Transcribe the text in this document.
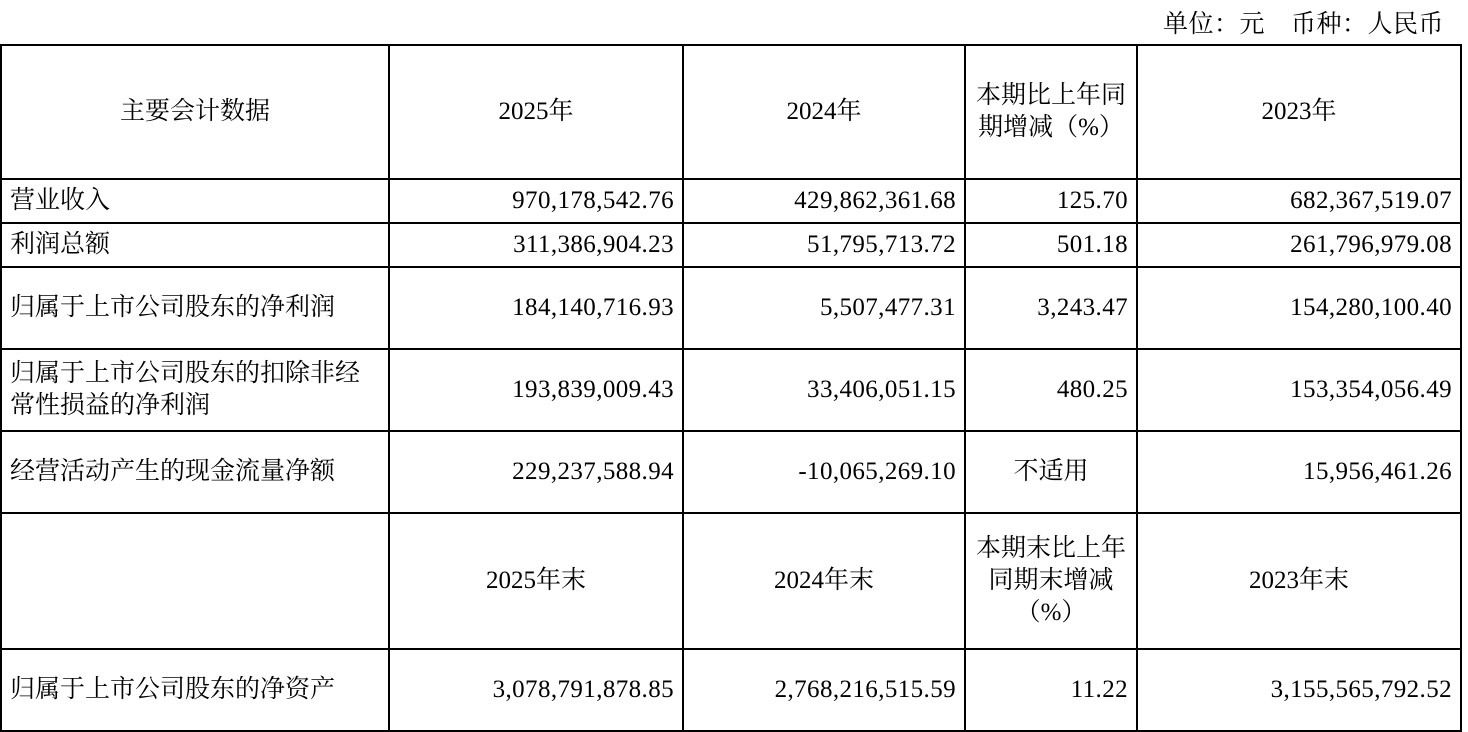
单位：元 币种：人民币
主要会计数据	2025年	2024年	本期比上年同期增减（%）	2023年
营业收入	970,178,542.76	429,862,361.68	125.70	682,367,519.07
利润总额	311,386,904.23	51,795,713.72	501.18	261,796,979.08
归属于上市公司股东的净利润	184,140,716.93	5,507,477.31	3,243.47	154,280,100.40
归属于上市公司股东的扣除非经常性损益的净利润	193,839,009.43	33,406,051.15	480.25	153,354,056.49
经营活动产生的现金流量净额	229,237,588.94	-10,065,269.10	不适用	15,956,461.26
	2025年末	2024年末	本期末比上年同期末增减（%）	2023年末
归属于上市公司股东的净资产	3,078,791,878.85	2,768,216,515.59	11.22	3,155,565,792.52
